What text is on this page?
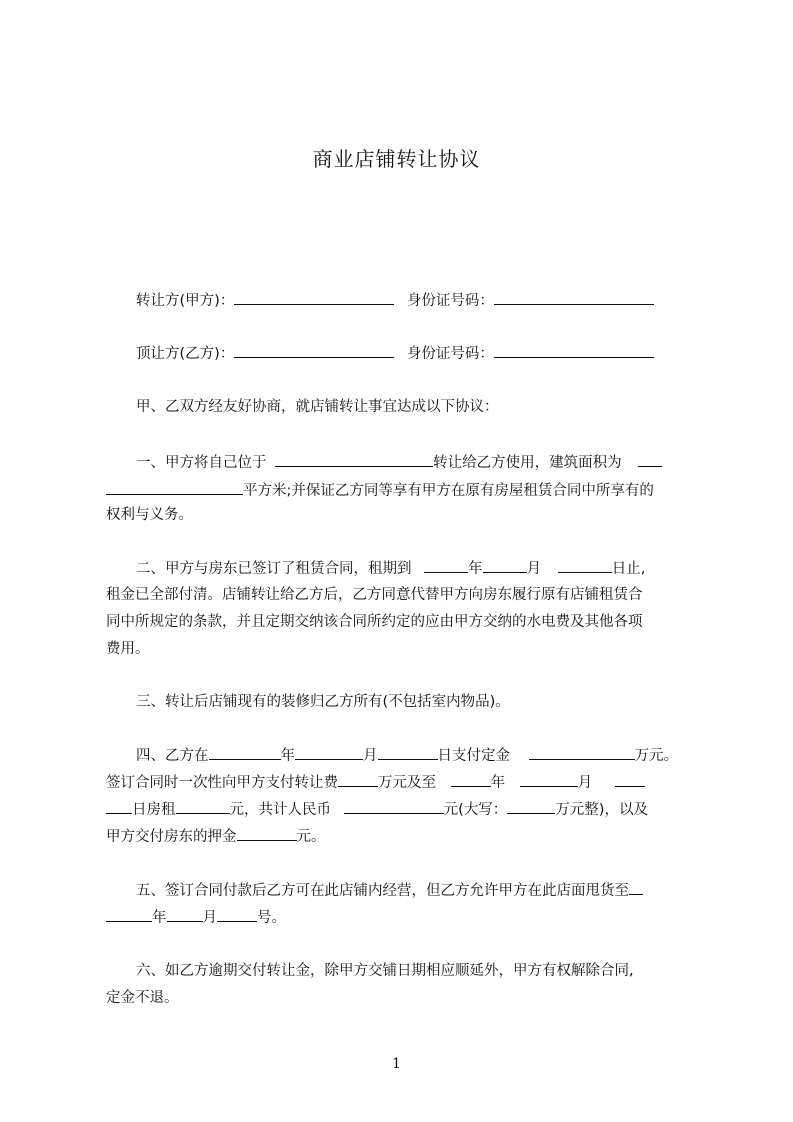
商业店铺转让协议
转让方(甲方)：	身份证号码：
顶让方(乙方)：	身份证号码：
甲、乙双方经友好协商，就店铺转让事宜达成以下协议：
一、甲方将自己位于	转让给乙方使用，建筑面积为
平方米;并保证乙方同等享有甲方在原有房屋租赁合同中所享有的
权利与义务。
二、甲方与房东已签订了租赁合同，租期到	年	月	日止,
租金已全部付清。店铺转让给乙方后，乙方同意代替甲方向房东履行原有店铺租赁合
同中所规定的条款，并且定期交纳该合同所约定的应由甲方交纳的水电费及其他各项
费用。
三、转让后店铺现有的装修归乙方所有(不包括室内物品)。
四、乙方在	年	月	日支付定金	万元。
签订合同时一次性向甲方支付转让费	万元及至	年	月
日房租	元，共计人民币	元(大写：	万元整)，以及
甲方交付房东的押金	元。
五、签订合同付款后乙方可在此店铺内经营，但乙方允许甲方在此店面甩货至
年 月	号。
六、如乙方逾期交付转让金，除甲方交铺日期相应顺延外，甲方有权解除合同,
定金不退。
1
